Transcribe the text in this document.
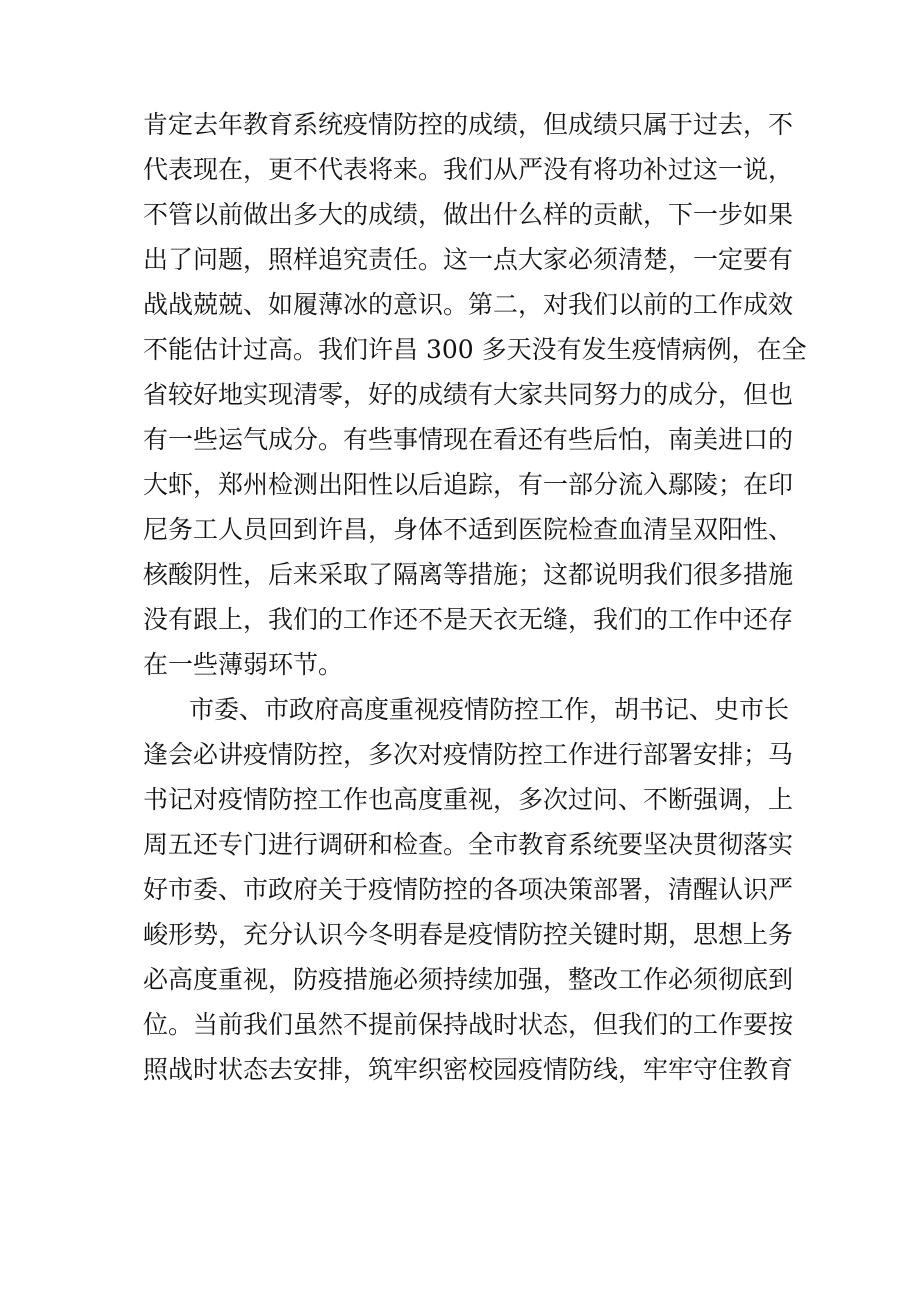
肯定去年教育系统疫情防控的成绩，但成绩只属于过去，不
代表现在，更不代表将来。我们从严没有将功补过这一说，
不管以前做出多大的成绩，做出什么样的贡献，下一步如果
出了问题，照样追究责任。这一点大家必须清楚，一定要有
战战兢兢、如履薄冰的意识。第二，对我们以前的工作成效
不能估计过高。我们许昌 300 多天没有发生疫情病例，在全
省较好地实现清零，好的成绩有大家共同努力的成分，但也
有一些运气成分。有些事情现在看还有些后怕，南美进口的
大虾，郑州检测出阳性以后追踪，有一部分流入鄢陵；在印
尼务工人员回到许昌，身体不适到医院检查血清呈双阳性、
核酸阴性，后来采取了隔离等措施；这都说明我们很多措施
没有跟上，我们的工作还不是天衣无缝，我们的工作中还存
在一些薄弱环节。
市委、市政府高度重视疫情防控工作，胡书记、史市长
逢会必讲疫情防控，多次对疫情防控工作进行部署安排；马
书记对疫情防控工作也高度重视，多次过问、不断强调，上
周五还专门进行调研和检查。全市教育系统要坚决贯彻落实
好市委、市政府关于疫情防控的各项决策部署，清醒认识严
峻形势，充分认识今冬明春是疫情防控关键时期，思想上务
必高度重视，防疫措施必须持续加强，整改工作必须彻底到
位。当前我们虽然不提前保持战时状态，但我们的工作要按
照战时状态去安排，筑牢织密校园疫情防线，牢牢守住教育
